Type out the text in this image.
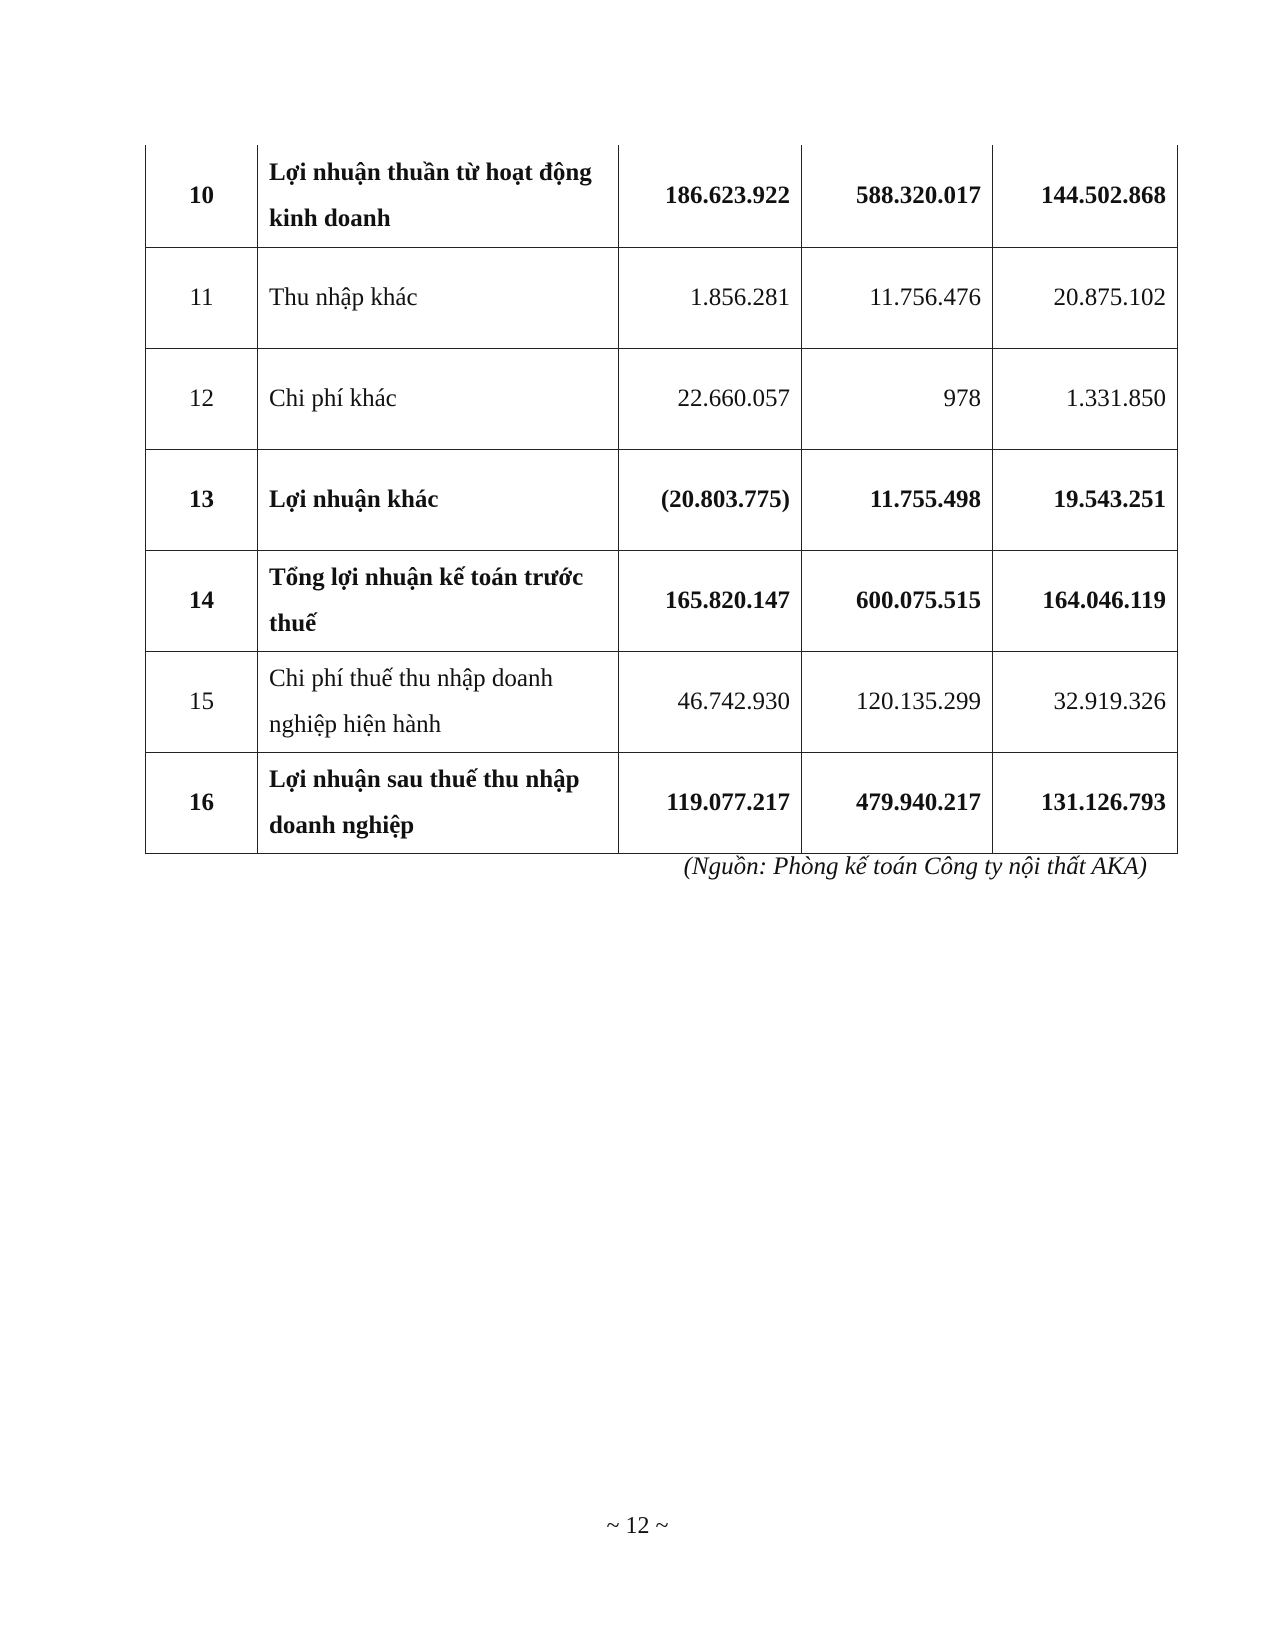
10	Lợi nhuận thuần từ hoạt động kinh doanh	186.623.922	588.320.017	144.502.868
11	Thu nhập khác	1.856.281	11.756.476	20.875.102
12	Chi phí khác	22.660.057	978	1.331.850
13	Lợi nhuận khác	(20.803.775)	11.755.498	19.543.251
14	Tổng lợi nhuận kế toán trước thuế	165.820.147	600.075.515	164.046.119
15	Chi phí thuế thu nhập doanh nghiệp hiện hành	46.742.930	120.135.299	32.919.326
16	Lợi nhuận sau thuế thu nhập doanh nghiệp	119.077.217	479.940.217	131.126.793
(Nguồn: Phòng kế toán Công ty nội thất AKA)
~ 12 ~
